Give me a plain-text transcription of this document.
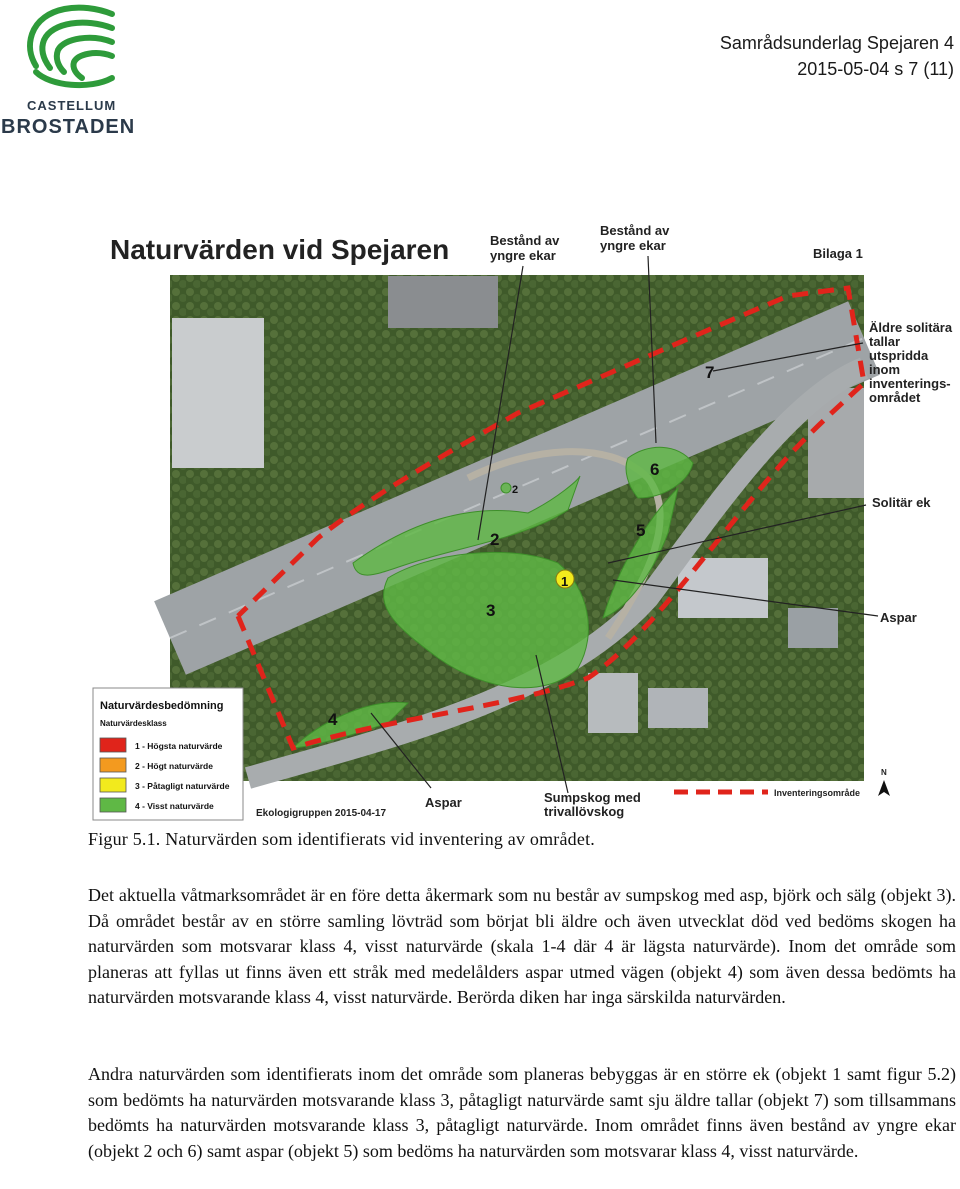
CASTELLUM
BROSTADEN
Samrådsunderlag Spejaren 4
2015-05-04 s 7 (11)
Naturvärden vid Spejaren	Bilaga 1
Bestånd av yngre ekar
Bestånd av yngre ekar
7
6
5
2
3
4
1
2
Äldre solitära tallar utspridda inom inventerings- området
Solitär ek
Aspar
Aspar	Sumpskog med trivallövskog
Ekologigruppen 2015-04-17
Inventeringsområde
N
Naturvärdesbedömning
Naturvärdesklass
1 - Högsta naturvärde
2 - Högt naturvärde
3 - Påtagligt naturvärde
4 - Visst naturvärde
Figur 5.1. Naturvärden som identifierats vid inventering av området.

Det aktuella våtmarksområdet är en före detta åkermark som nu består av sumpskog med asp, björk och sälg (objekt 3). Då området består av en större samling lövträd som börjat bli äldre och även utvecklat död ved bedöms skogen ha naturvärden som motsvarar klass 4, visst naturvärde (skala 1-4 där 4 är lägsta naturvärde). Inom det område som planeras att fyllas ut finns även ett stråk med medelålders aspar utmed vägen (objekt 4) som även dessa bedömts ha naturvärden motsvarande klass 4, visst naturvärde. Berörda diken har inga särskilda naturvärden.

Andra naturvärden som identifierats inom det område som planeras bebyggas är en större ek (objekt 1 samt figur 5.2) som bedömts ha naturvärden motsvarande klass 3, påtagligt naturvärde samt sju äldre tallar (objekt 7) som tillsammans bedömts ha naturvärden motsvarande klass 3, påtagligt naturvärde. Inom området finns även bestånd av yngre ekar (objekt 2 och 6) samt aspar (objekt 5) som bedöms ha naturvärden som motsvarar klass 4, visst naturvärde.
